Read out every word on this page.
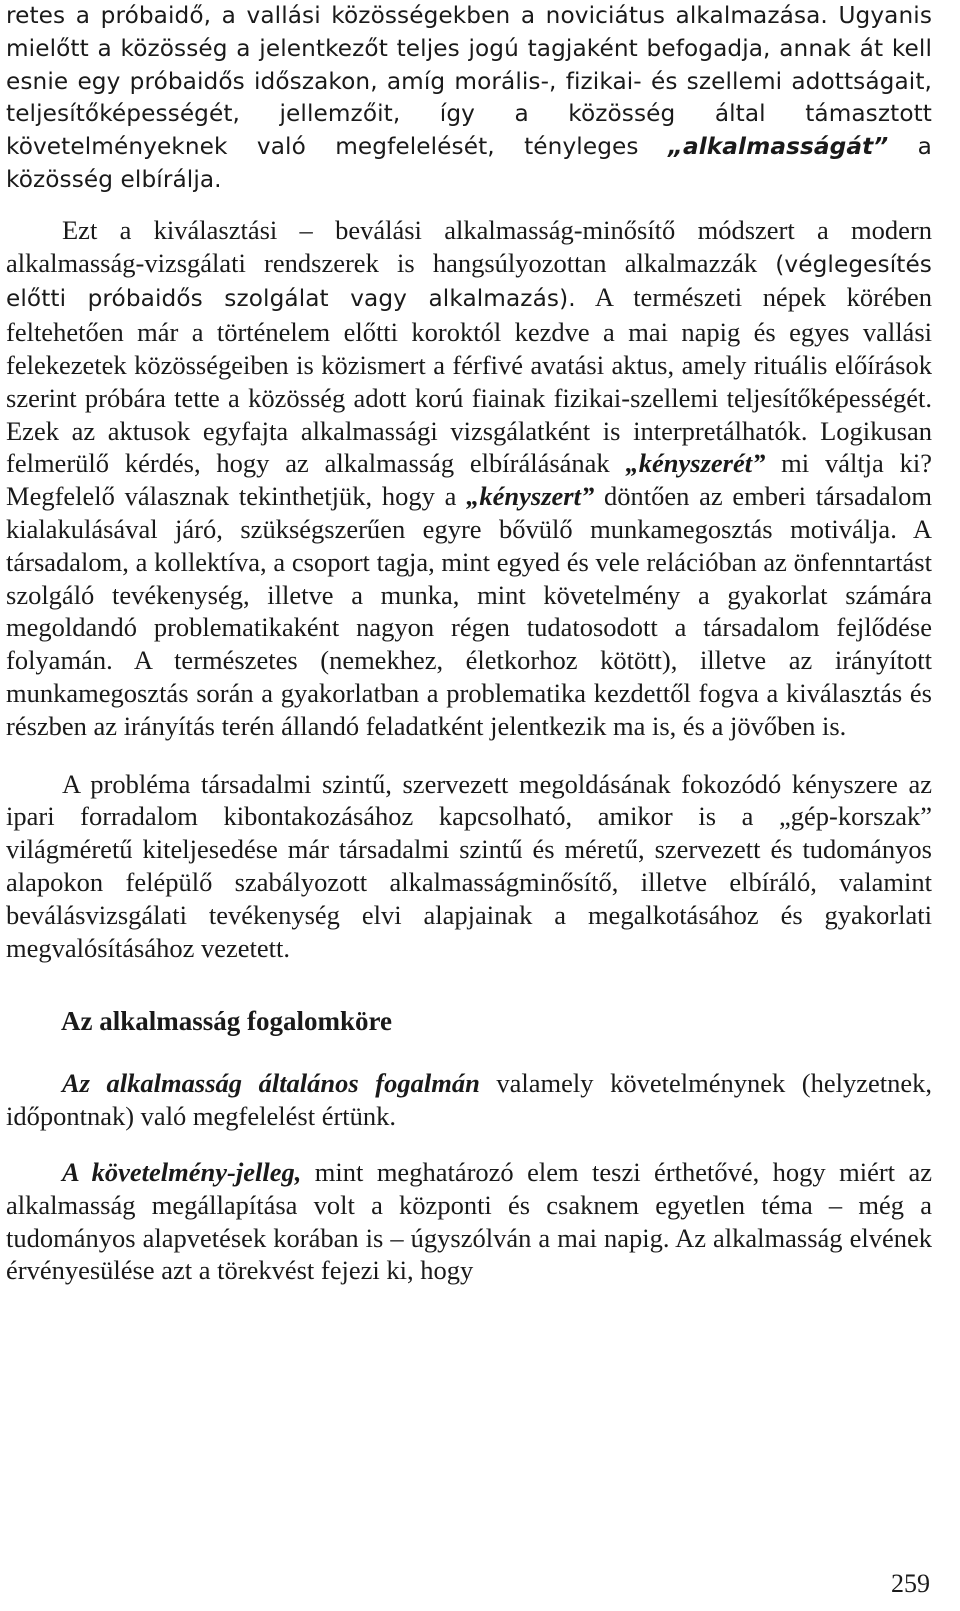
retes a próbaidő, a vallási közösségekben a noviciátus alkalmazása. Ugyanis mielőtt a közösség a jelentkezőt teljes jogú tagjaként befogadja, annak át kell esnie egy próbaidős időszakon, amíg morális-, fizikai- és szellemi adottságait, teljesítőképességét, jellemzőit, így a közösség által támasztott követelményeknek való megfelelését, tényleges „alkalmasságát” a közösség elbírálja.

Ezt a kiválasztási – beválási alkalmasság-minősítő módszert a modern alkalmasság-vizsgálati rendszerek is hangsúlyozottan alkalmazzák (véglegesítés előtti próbaidős szolgálat vagy alkalmazás). A természeti népek körében feltehetően már a történelem előtti koroktól kezdve a mai napig és egyes vallási felekezetek közösségeiben is közismert a férfivé avatási aktus, amely rituális előírások szerint próbára tette a közösség adott korú fiainak fizikai-szellemi teljesítőképességét. Ezek az aktusok egyfajta alkalmassági vizsgálatként is interpretálhatók. Logikusan felmerülő kérdés, hogy az alkalmasság elbírálásának „kényszerét” mi váltja ki? Megfelelő válasznak tekinthetjük, hogy a „kényszert” döntően az emberi társadalom kialakulásával járó, szükségszerűen egyre bővülő munkamegosztás motiválja. A társadalom, a kollektíva, a csoport tagja, mint egyed és vele relációban az önfenntartást szolgáló tevékenység, illetve a munka, mint követelmény a gyakorlat számára megoldandó problematikaként nagyon régen tudatosodott a társadalom fejlődése folyamán. A természetes (nemekhez, életkorhoz kötött), illetve az irányított munkamegosztás során a gyakorlatban a problematika kezdettől fogva a kiválasztás és részben az irányítás terén állandó feladatként jelentkezik ma is, és a jövőben is.

A probléma társadalmi szintű, szervezett megoldásának fokozódó kényszere az ipari forradalom kibontakozásához kapcsolható, amikor is a „gép-korszak” világméretű kiteljesedése már társadalmi szintű és méretű, szervezett és tudományos alapokon felépülő szabályozott alkalmasságminősítő, illetve elbíráló, valamint beválásvizsgálati tevékenység elvi alapjainak a megalkotásához és gyakorlati megvalósításához vezetett.

Az alkalmasság fogalomköre

Az alkalmasság általános fogalmán valamely követelménynek (helyzetnek, időpontnak) való megfelelést értünk.

A követelmény-jelleg, mint meghatározó elem teszi érthetővé, hogy miért az alkalmasság megállapítása volt a központi és csaknem egyetlen téma – még a tudományos alapvetések korában is – úgyszólván a mai napig. Az alkalmasság elvének érvényesülése azt a törekvést fejezi ki, hogy

259
